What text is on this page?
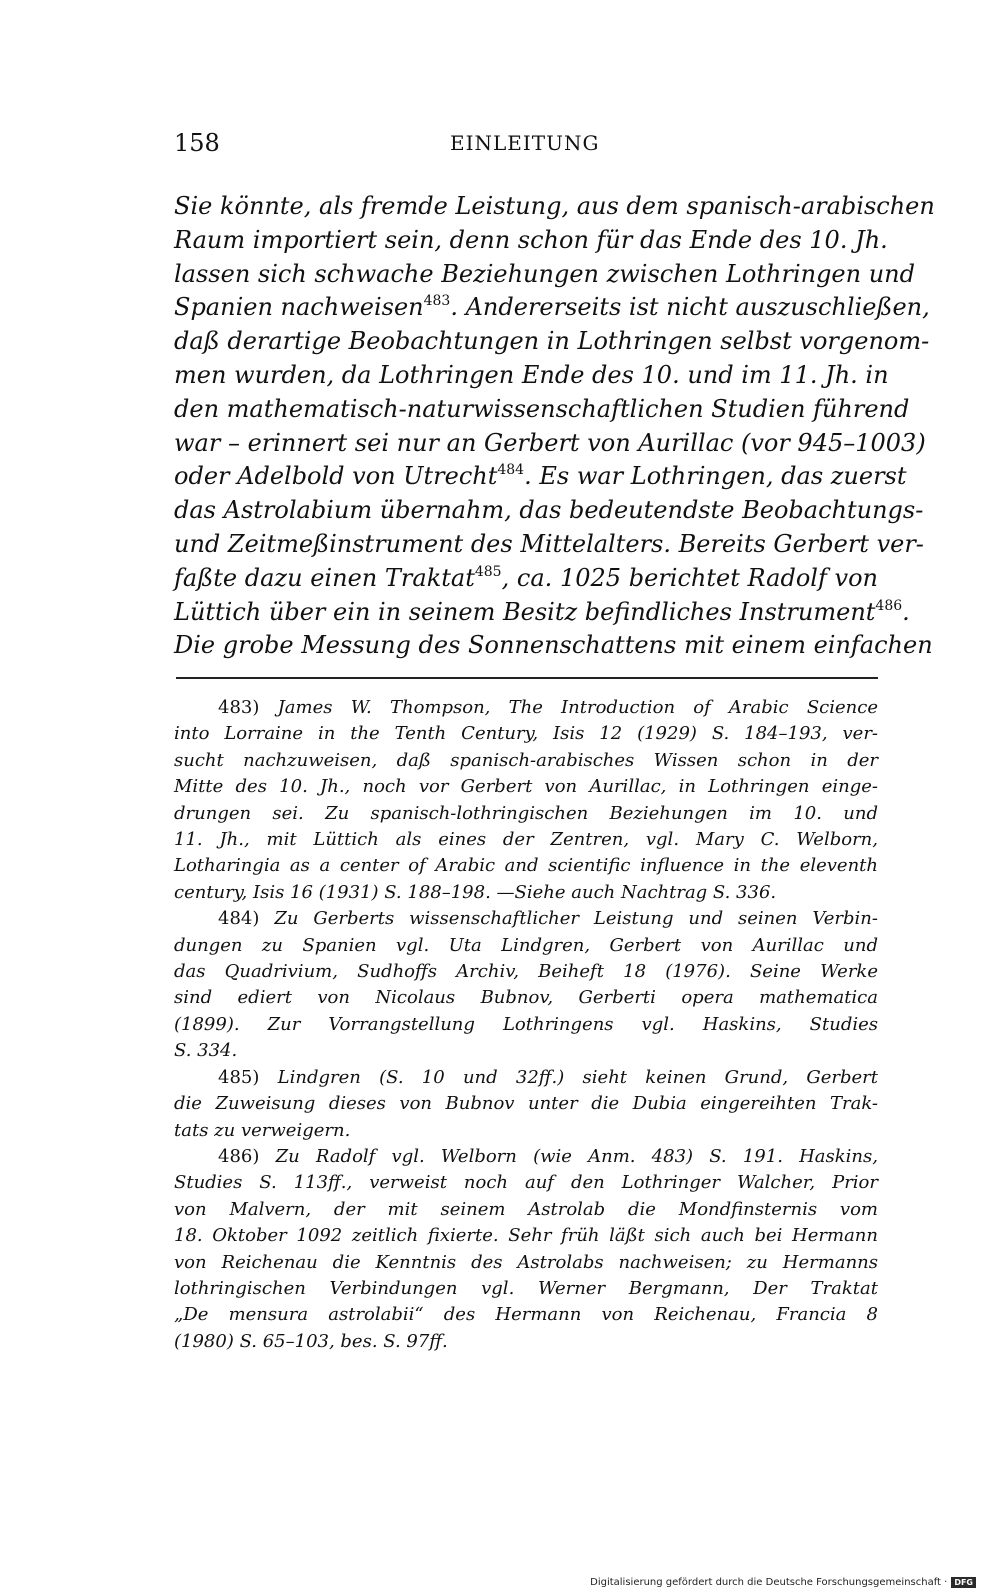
158	EINLEITUNG
Sie könnte, als fremde Leistung, aus dem spanisch-arabischen
Raum importiert sein, denn schon für das Ende des 10. Jh.
lassen sich schwache Beziehungen zwischen Lothringen und
Spanien nachweisen$^{483}$. Andererseits ist nicht auszuschließen,
daß derartige Beobachtungen in Lothringen selbst vorgenom-
men wurden, da Lothringen Ende des 10. und im 11. Jh. in
den mathematisch-naturwissenschaftlichen Studien führend
war – erinnert sei nur an Gerbert von Aurillac (vor 945–1003)
oder Adelbold von Utrecht$^{484}$. Es war Lothringen, das zuerst
das Astrolabium übernahm, das bedeutendste Beobachtungs-
und Zeitmeßinstrument des Mittelalters. Bereits Gerbert ver-
faßte dazu einen Traktat$^{485}$, ca. 1025 berichtet Radolf von
Lüttich über ein in seinem Besitz befindliches Instrument$^{486}$.
Die grobe Messung des Sonnenschattens mit einem einfachen
483) James W. Thompson, The Introduction of Arabic Science
into Lorraine in the Tenth Century, Isis 12 (1929) S. 184–193, ver-
sucht nachzuweisen, daß spanisch-arabisches Wissen schon in der
Mitte des 10. Jh., noch vor Gerbert von Aurillac, in Lothringen einge-
drungen sei. Zu spanisch-lothringischen Beziehungen im 10. und
11. Jh., mit Lüttich als eines der Zentren, vgl. Mary C. Welborn,
Lotharingia as a center of Arabic and scientific influence in the eleventh
century, Isis 16 (1931) S. 188–198. —Siehe auch Nachtrag S. 336.
484) Zu Gerberts wissenschaftlicher Leistung und seinen Verbin-
dungen zu Spanien vgl. Uta Lindgren, Gerbert von Aurillac und
das Quadrivium, Sudhoffs Archiv, Beiheft 18 (1976). Seine Werke
sind ediert von Nicolaus Bubnov, Gerberti opera mathematica
(1899). Zur Vorrangstellung Lothringens vgl. Haskins, Studies
S. 334.
485) Lindgren (S. 10 und 32ff.) sieht keinen Grund, Gerbert
die Zuweisung dieses von Bubnov unter die Dubia eingereihten Trak-
tats zu verweigern.
486) Zu Radolf vgl. Welborn (wie Anm. 483) S. 191. Haskins,
Studies S. 113ff., verweist noch auf den Lothringer Walcher, Prior
von Malvern, der mit seinem Astrolab die Mondfinsternis vom
18. Oktober 1092 zeitlich fixierte. Sehr früh läßt sich auch bei Hermann
von Reichenau die Kenntnis des Astrolabs nachweisen; zu Hermanns
lothringischen Verbindungen vgl. Werner Bergmann, Der Traktat
„De mensura astrolabii“ des Hermann von Reichenau, Francia 8
(1980) S. 65–103, bes. S. 97ff.
Digitalisierung gefördert durch die Deutsche Forschungsgemeinschaft · DFG
